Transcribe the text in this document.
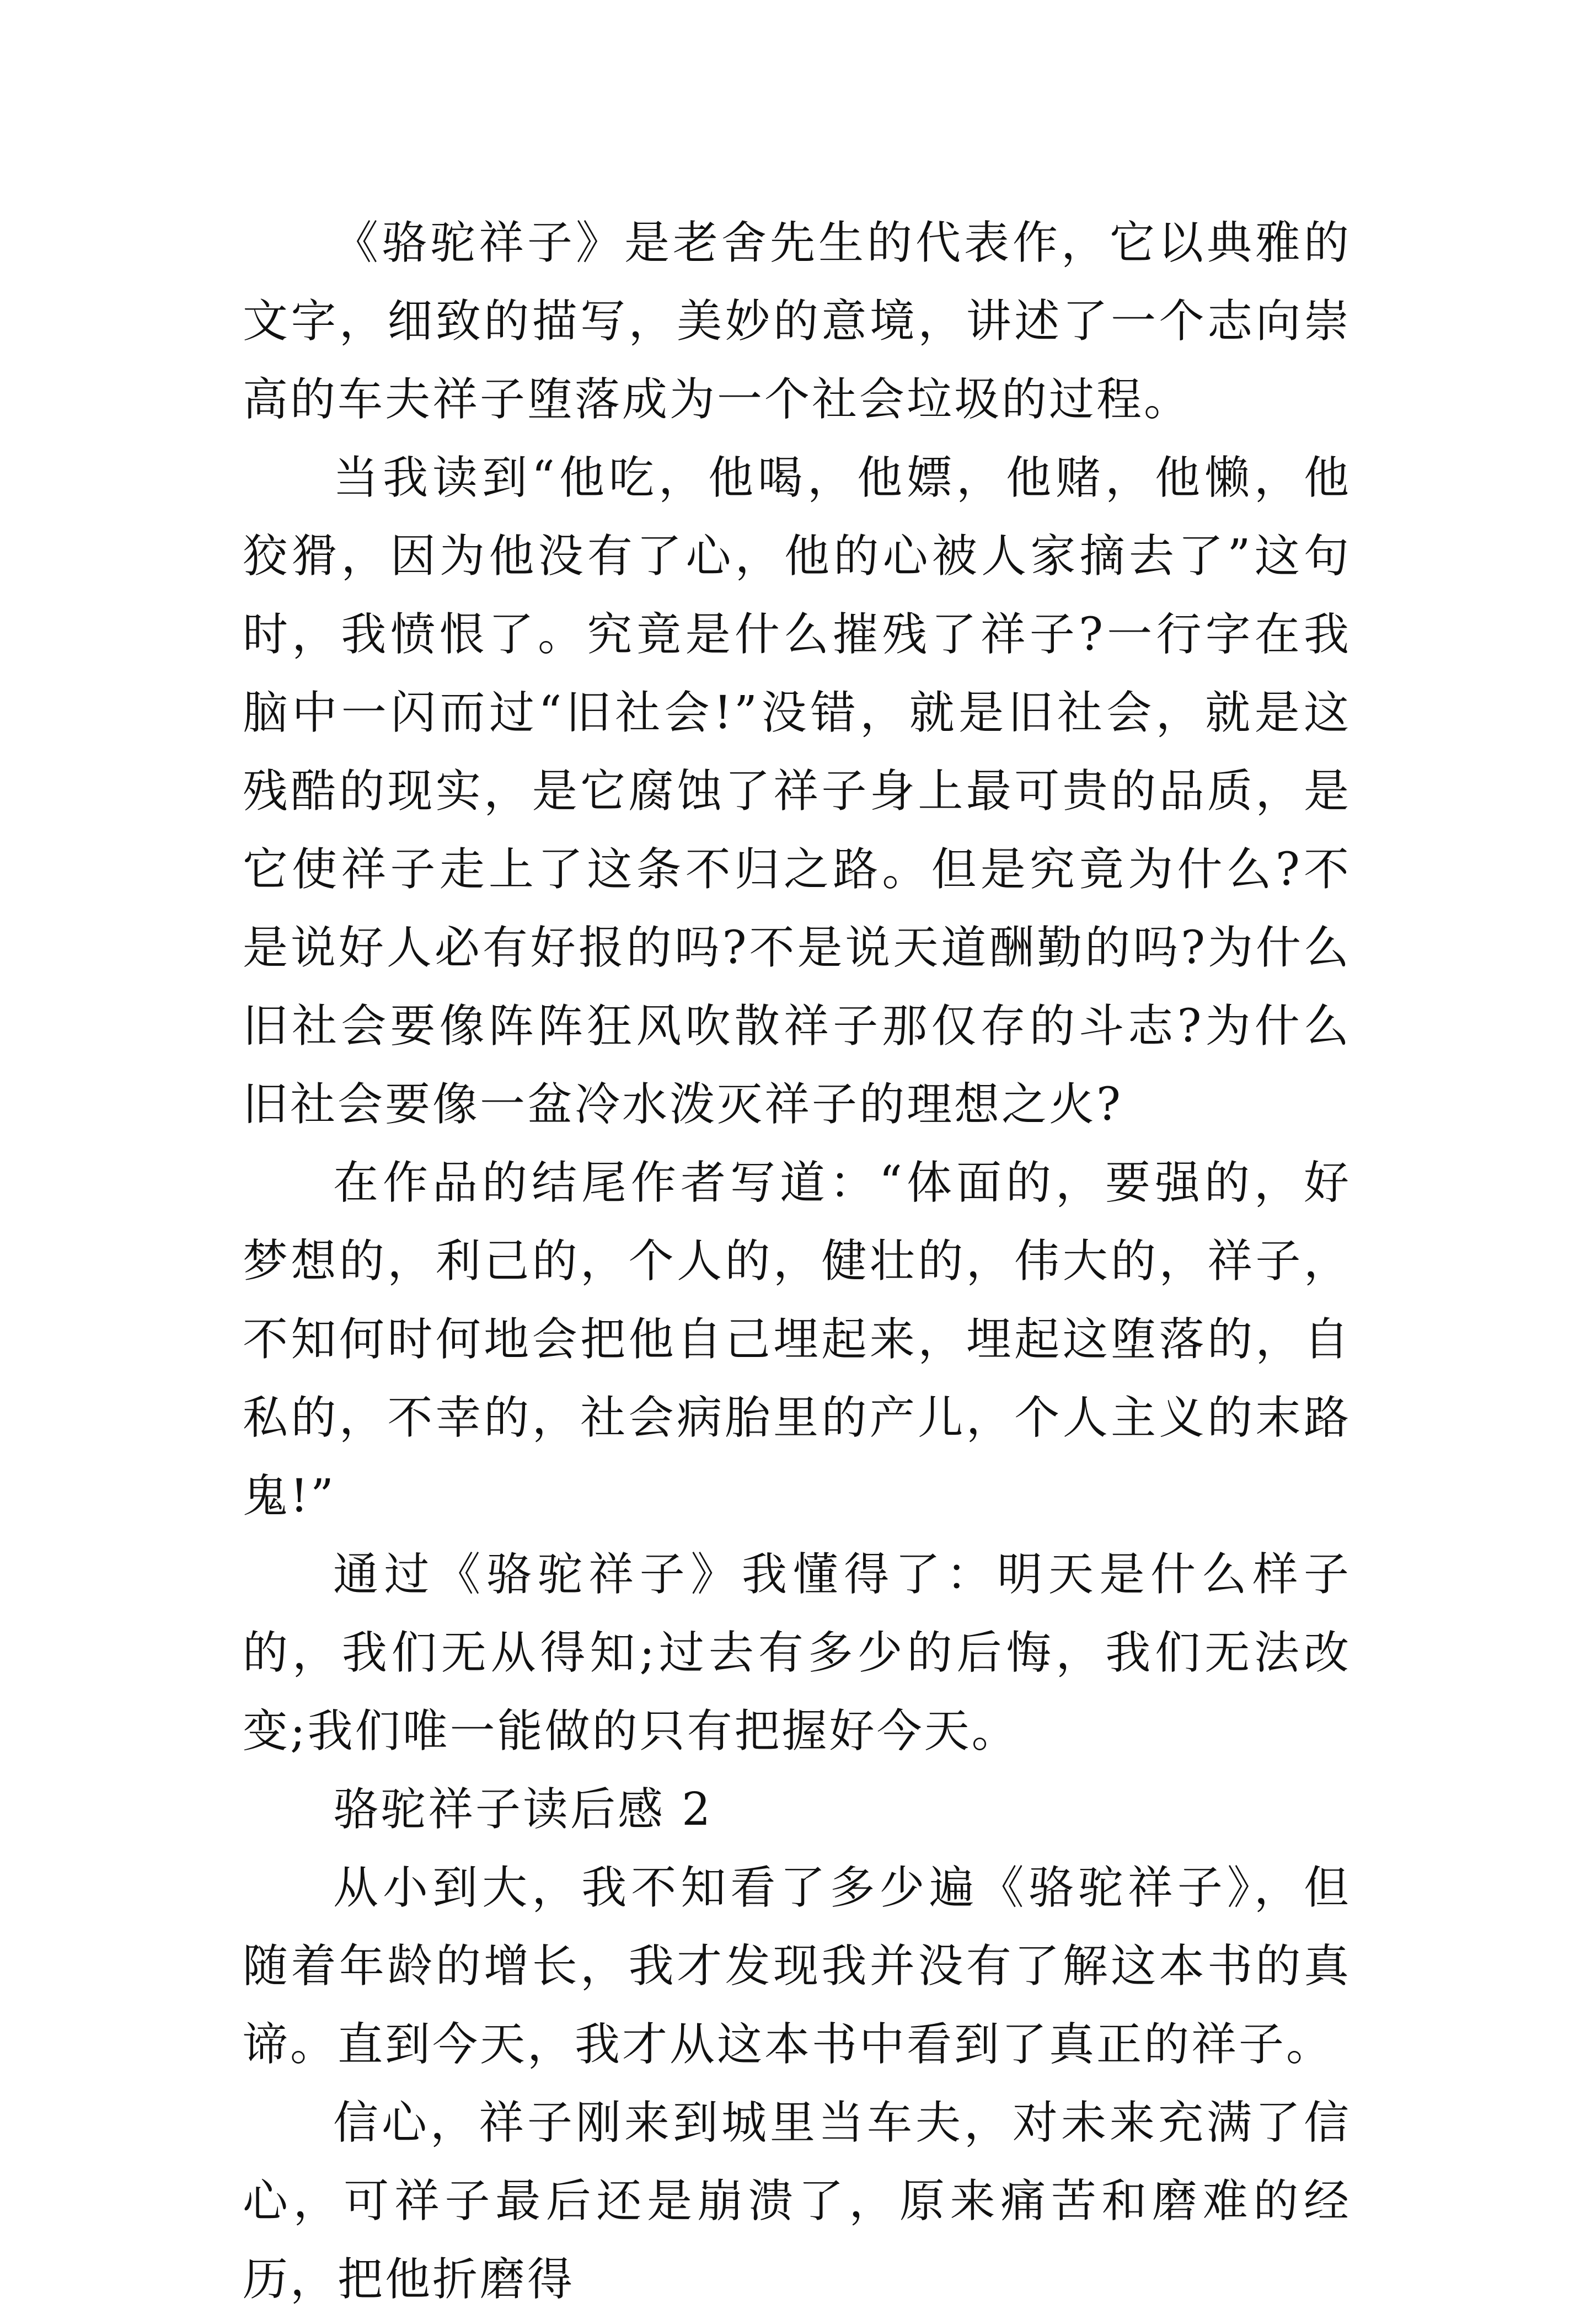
《骆驼祥子》是老舍先生的代表作，它以典雅的文字，细致的描写，美妙的意境，讲述了一个志向崇高的车夫祥子堕落成为一个社会垃圾的过程。

当我读到“他吃，他喝，他嫖，他赌，他懒，他狡猾，因为他没有了心，他的心被人家摘去了”这句时，我愤恨了。究竟是什么摧残了祥子?一行字在我脑中一闪而过“旧社会!”没错，就是旧社会，就是这残酷的现实，是它腐蚀了祥子身上最可贵的品质，是它使祥子走上了这条不归之路。但是究竟为什么?不是说好人必有好报的吗?不是说天道酬勤的吗?为什么旧社会要像阵阵狂风吹散祥子那仅存的斗志?为什么旧社会要像一盆冷水泼灭祥子的理想之火?

在作品的结尾作者写道：“体面的，要强的，好梦想的，利己的，个人的，健壮的，伟大的，祥子，不知何时何地会把他自己埋起来，埋起这堕落的，自私的，不幸的，社会病胎里的产儿，个人主义的末路鬼!”

通过《骆驼祥子》我懂得了：明天是什么样子的，我们无从得知;过去有多少的后悔，我们无法改变;我们唯一能做的只有把握好今天。

骆驼祥子读后感 2

从小到大，我不知看了多少遍《骆驼祥子》，但随着年龄的增长，我才发现我并没有了解这本书的真谛。直到今天，我才从这本书中看到了真正的祥子。

信心，祥子刚来到城里当车夫，对未来充满了信心，可祥子最后还是崩溃了，原来痛苦和磨难的经历，把他折磨得
